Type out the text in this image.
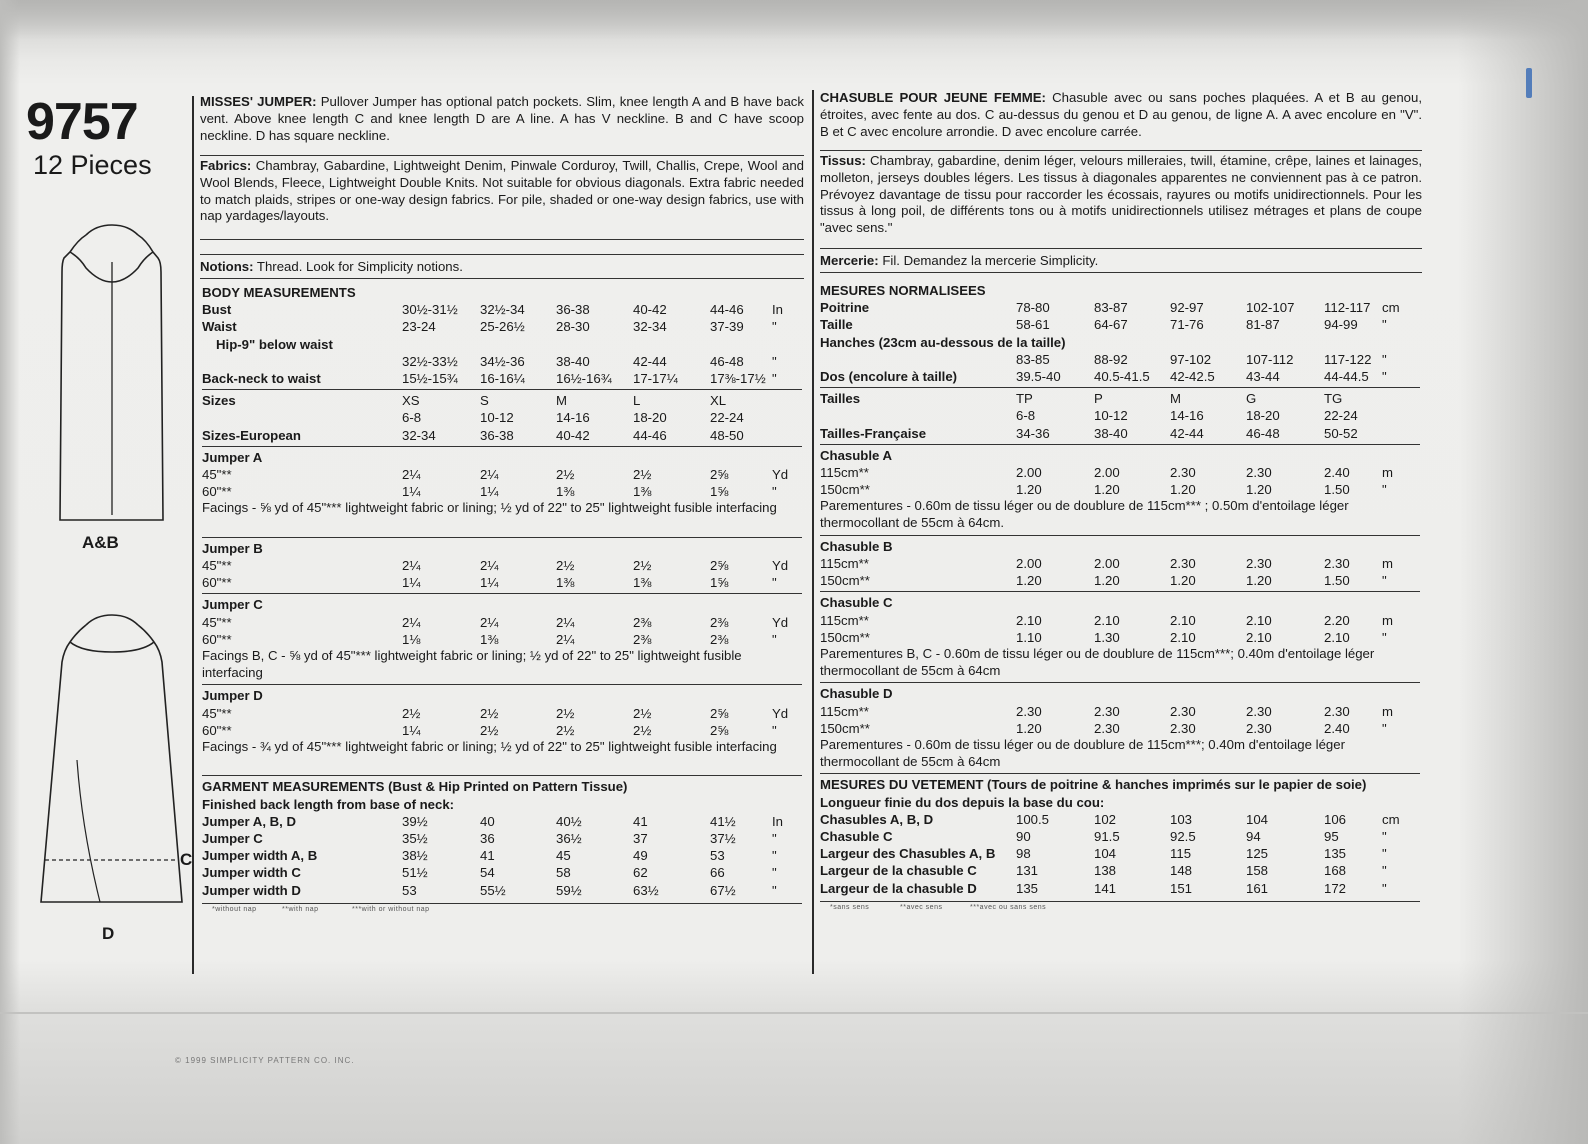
9757
12 Pieces
A&B
C
D
MISSES' JUMPER: Pullover Jumper has optional patch pockets. Slim, knee length A and B have back vent. Above knee length C and knee length D are A line. A has V neckline. B and C have scoop neckline. D has square neckline.
Fabrics: Chambray, Gabardine, Lightweight Denim, Pinwale Corduroy, Twill, Challis, Crepe, Wool and Wool Blends, Fleece, Lightweight Double Knits. Not suitable for obvious diagonals. Extra fabric needed to match plaids, stripes or one-way design fabrics. For pile, shaded or one-way design fabrics, use with nap yardages/layouts.
Notions: Thread. Look for Simplicity notions.
BODY MEASUREMENTS
Bust	30½-31½ 32½-34 36-38	40-42	44-46 In
Waist	23-24	25-26½ 28-30	32-34	37-39 "
Hip-9" below waist
32½-33½ 34½-36 38-40	42-44	46-48 "
Back-neck to waist	15½-15¾ 16-16¼ 16½-16¾ 17-17¼ 17⅜-17½ "
Sizes	XS	S	M	L	XL
6-8	10-12	14-16	18-20	22-24
Sizes-European	32-34	36-38	40-42	44-46	48-50
Jumper A
45"**	2¼	2¼	2½	2½	2⅝	Yd
60"**	1¼	1¼	1⅜	1⅜	1⅝	"
Facings - ⅝ yd of 45"*** lightweight fabric or lining; ½ yd of 22" to 25" lightweight fusible interfacing
Jumper B
45"**	2¼	2¼	2½	2½	2⅝	Yd
60"**	1¼	1¼	1⅜	1⅜	1⅝	"
Jumper C
45"**	2¼	2¼	2¼	2⅜	2⅜	Yd
60"**	1⅛	1⅜	2¼	2⅜	2⅜	"
Facings B, C - ⅝ yd of 45"*** lightweight fabric or lining; ½ yd of 22" to 25" lightweight fusible interfacing
Jumper D
45"**	2½	2½	2½	2½	2⅝	Yd
60"**	1¼	2½	2½	2½	2⅝	"
Facings - ¾ yd of 45"*** lightweight fabric or lining; ½ yd of 22" to 25" lightweight fusible interfacing
GARMENT MEASUREMENTS (Bust & Hip Printed on Pattern Tissue)
Finished back length from base of neck:
Jumper A, B, D	39½	40	40½	41	41½	In
Jumper C	35½	36	36½	37	37½	"
Jumper width A, B	38½	41	45	49	53	"
Jumper width C	51½	54	58	62	66	"
Jumper width D	53	55½	59½	63½	67½	"
*without nap	**with nap	***with or without nap
CHASUBLE POUR JEUNE FEMME: Chasuble avec ou sans poches plaquées. A et B au genou, étroites, avec fente au dos. C au-dessus du genou et D au genou, de ligne A. A avec encolure en "V". B et C avec encolure arrondie. D avec encolure carrée.
Tissus: Chambray, gabardine, denim léger, velours milleraies, twill, étamine, crêpe, laines et lainages, molleton, jerseys doubles légers. Les tissus à diagonales apparentes ne conviennent pas à ce patron. Prévoyez davantage de tissu pour raccorder les écossais, rayures ou motifs unidirectionnels. Pour les tissus à long poil, de différents tons ou à motifs unidirectionnels utilisez métrages et plans de coupe "avec sens."
Mercerie: Fil. Demandez la mercerie Simplicity.
MESURES NORMALISEES
Poitrine	78-80	83-87	92-97	102-107 112-117 cm
Taille	58-61	64-67	71-76	81-87	94-99 "
Hanches (23cm au-dessous de la taille)
83-85	88-92	97-102	107-112 117-122 "
Dos (encolure à taille)	39.5-40	40.5-41.5 42-42.5 43-44	44-44.5 "
Tailles	TP	P	M	G	TG
6-8	10-12	14-16	18-20	22-24
Tailles-Française	34-36	38-40	42-44	46-48	50-52
Chasuble A
115cm**	2.00	2.00	2.30	2.30	2.40 m
150cm**	1.20	1.20	1.20	1.20	1.50 "
Parementures - 0.60m de tissu léger ou de doublure de 115cm*** ; 0.50m d'entoilage léger thermocollant de 55cm à 64cm.
Chasuble B
115cm**	2.00	2.00	2.30	2.30	2.30 m
150cm**	1.20	1.20	1.20	1.20	1.50 "
Chasuble C
115cm**	2.10	2.10	2.10	2.10	2.20 m
150cm**	1.10	1.30	2.10	2.10	2.10 "
Parementures B, C - 0.60m de tissu léger ou de doublure de 115cm***; 0.40m d'entoilage léger thermocollant de 55cm à 64cm
Chasuble D
115cm**	2.30	2.30	2.30	2.30	2.30 m
150cm**	1.20	2.30	2.30	2.30	2.40 "
Parementures - 0.60m de tissu léger ou de doublure de 115cm***; 0.40m d'entoilage léger thermocollant de 55cm à 64cm
MESURES DU VETEMENT (Tours de poitrine & hanches imprimés sur le papier de soie)
Longueur finie du dos depuis la base du cou:
Chasubles A, B, D	100.5	102	103	104	106	cm
Chasuble C	90	91.5	92.5	94	95	"
Largeur des Chasubles A, B 98	104	115	125	135	"
Largeur de la chasuble C	131	138	148	158	168	"
Largeur de la chasuble D	135	141	151	161	172	"
*sans sens	**avec sens	***avec ou sans sens
© 1999 SIMPLICITY PATTERN CO. INC.
